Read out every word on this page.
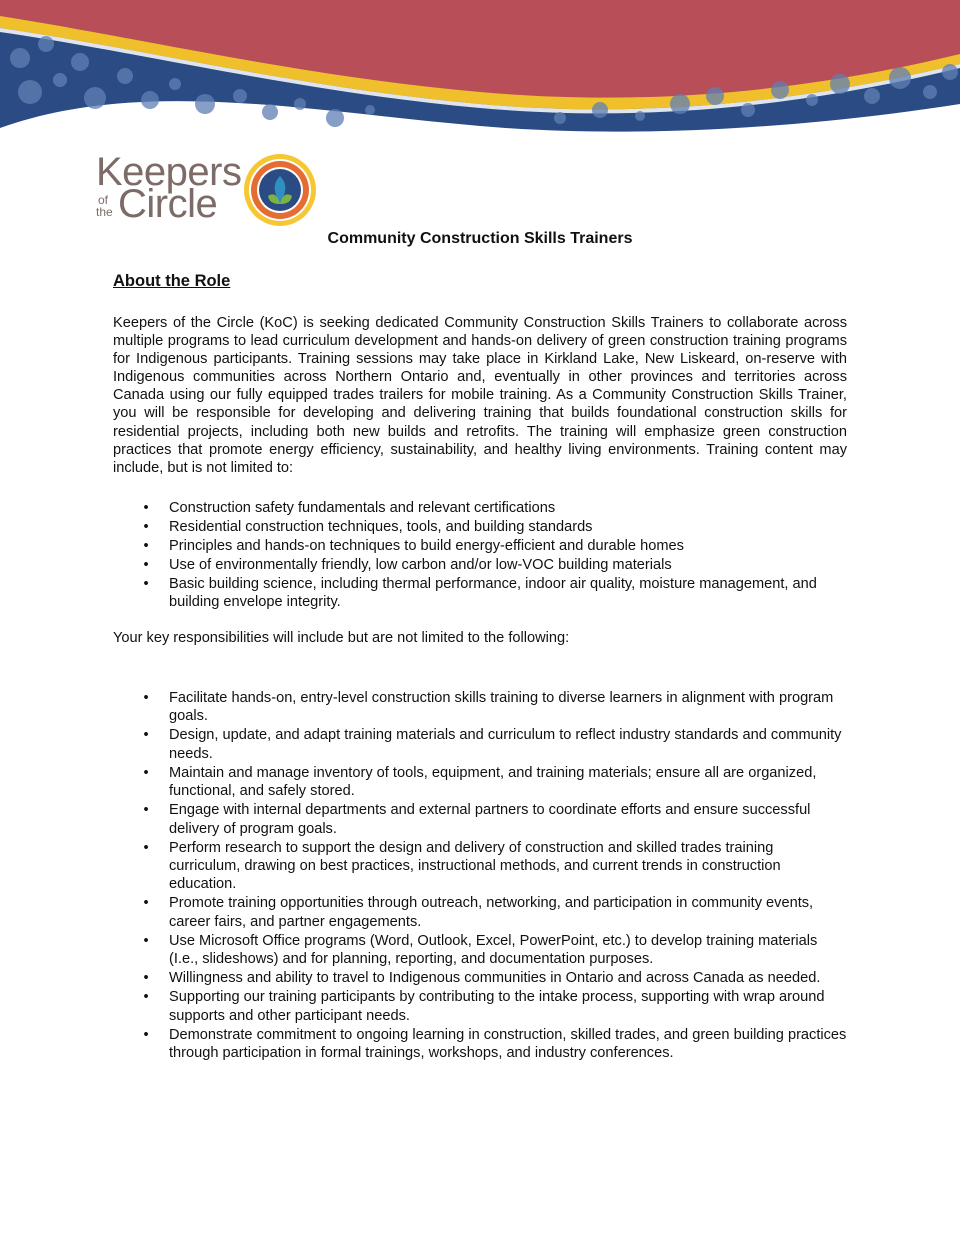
Keepers
of
the Circle
Community Construction Skills Trainers
About the Role

Keepers of the Circle (KoC) is seeking dedicated Community Construction Skills Trainers to collaborate across multiple programs to lead curriculum development and hands-on delivery of green construction training programs for Indigenous participants. Training sessions may take place in Kirkland Lake, New Liskeard, on-reserve with Indigenous communities across Northern Ontario and, eventually in other provinces and territories across Canada using our fully equipped trades trailers for mobile training. As a Community Construction Skills Trainer, you will be responsible for developing and delivering training that builds foundational construction skills for residential projects, including both new builds and retrofits. The training will emphasize green construction practices that promote energy efficiency, sustainability, and healthy living environments. Training content may include, but is not limited to:

• Construction safety fundamentals and relevant certifications
• Residential construction techniques, tools, and building standards
• Principles and hands-on techniques to build energy-efficient and durable homes
• Use of environmentally friendly, low carbon and/or low-VOC building materials
• Basic building science, including thermal performance, indoor air quality, moisture management, and building envelope integrity.

Your key responsibilities will include but are not limited to the following:

• Facilitate hands-on, entry-level construction skills training to diverse learners in alignment with program goals.
• Design, update, and adapt training materials and curriculum to reflect industry standards and community needs.
• Maintain and manage inventory of tools, equipment, and training materials; ensure all are organized, functional, and safely stored.
• Engage with internal departments and external partners to coordinate efforts and ensure successful delivery of program goals.
• Perform research to support the design and delivery of construction and skilled trades training curriculum, drawing on best practices, instructional methods, and current trends in construction education.
• Promote training opportunities through outreach, networking, and participation in community events, career fairs, and partner engagements.
• Use Microsoft Office programs (Word, Outlook, Excel, PowerPoint, etc.) to develop training materials (I.e., slideshows) and for planning, reporting, and documentation purposes.
• Willingness and ability to travel to Indigenous communities in Ontario and across Canada as needed.
• Supporting our training participants by contributing to the intake process, supporting with wrap around supports and other participant needs.
• Demonstrate commitment to ongoing learning in construction, skilled trades, and green building practices through participation in formal trainings, workshops, and industry conferences.
